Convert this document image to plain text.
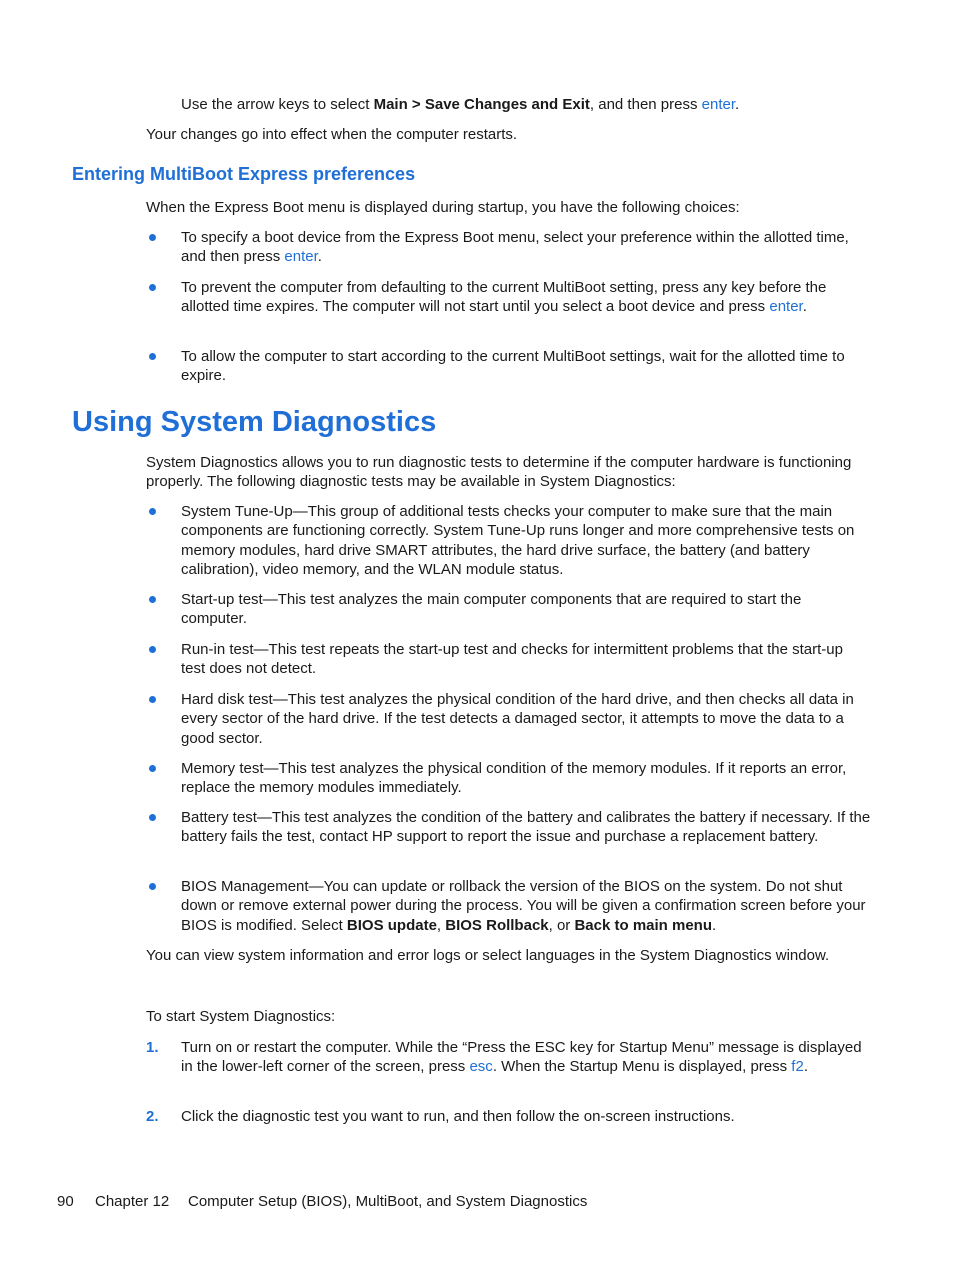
Use the arrow keys to select Main > Save Changes and Exit, and then press enter.
Your changes go into effect when the computer restarts.
Entering MultiBoot Express preferences
When the Express Boot menu is displayed during startup, you have the following choices:
To specify a boot device from the Express Boot menu, select your preference within the allotted time, and then press enter.
To prevent the computer from defaulting to the current MultiBoot setting, press any key before the allotted time expires. The computer will not start until you select a boot device and press enter.
To allow the computer to start according to the current MultiBoot settings, wait for the allotted time to expire.
Using System Diagnostics
System Diagnostics allows you to run diagnostic tests to determine if the computer hardware is functioning properly. The following diagnostic tests may be available in System Diagnostics:
System Tune-Up—This group of additional tests checks your computer to make sure that the main components are functioning correctly. System Tune-Up runs longer and more comprehensive tests on memory modules, hard drive SMART attributes, the hard drive surface, the battery (and battery calibration), video memory, and the WLAN module status.
Start-up test—This test analyzes the main computer components that are required to start the computer.
Run-in test—This test repeats the start-up test and checks for intermittent problems that the start-up test does not detect.
Hard disk test—This test analyzes the physical condition of the hard drive, and then checks all data in every sector of the hard drive. If the test detects a damaged sector, it attempts to move the data to a good sector.
Memory test—This test analyzes the physical condition of the memory modules. If it reports an error, replace the memory modules immediately.
Battery test—This test analyzes the condition of the battery and calibrates the battery if necessary. If the battery fails the test, contact HP support to report the issue and purchase a replacement battery.
BIOS Management—You can update or rollback the version of the BIOS on the system. Do not shut down or remove external power during the process. You will be given a confirmation screen before your BIOS is modified. Select BIOS update, BIOS Rollback, or Back to main menu.
You can view system information and error logs or select languages in the System Diagnostics window.
To start System Diagnostics:
1. Turn on or restart the computer. While the “Press the ESC key for Startup Menu” message is displayed in the lower-left corner of the screen, press esc. When the Startup Menu is displayed, press f2.
2. Click the diagnostic test you want to run, and then follow the on-screen instructions.
90 Chapter 12 Computer Setup (BIOS), MultiBoot, and System Diagnostics
